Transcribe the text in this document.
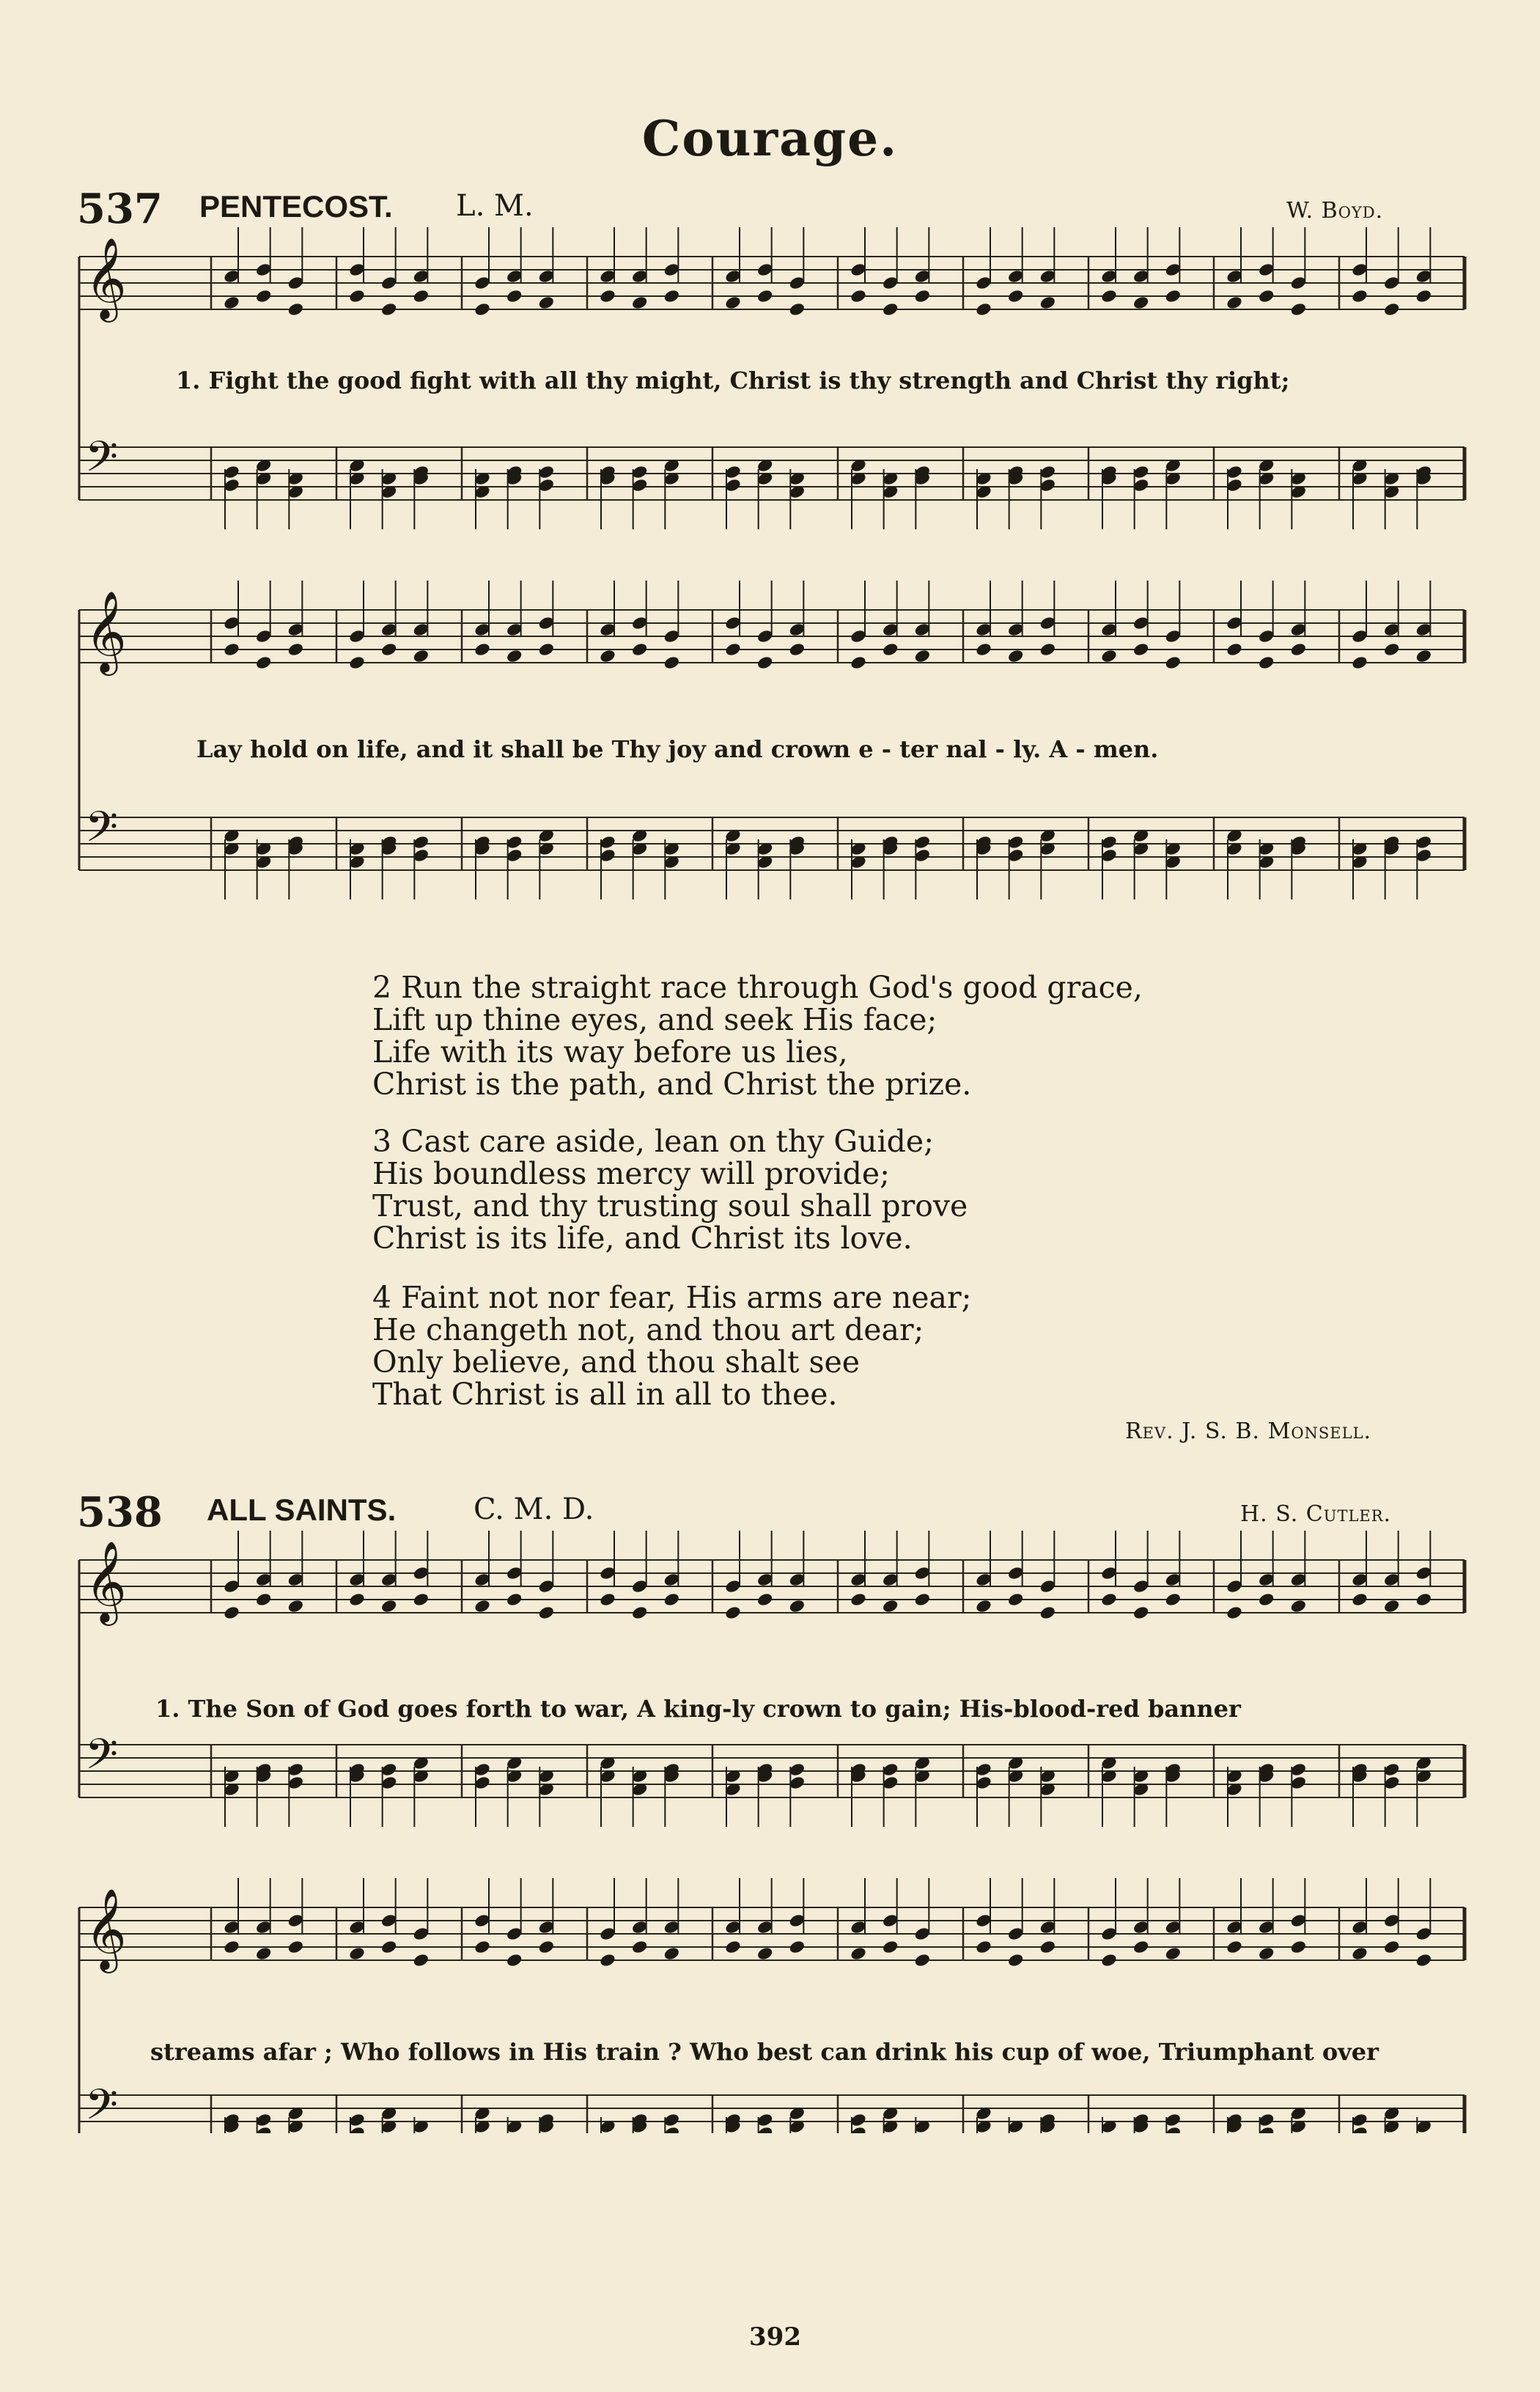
Courage.
537 PENTECOST. L. M.	W. Boyd.
𝄞
𝄢
𝄞
𝄢
𝄞
𝄢
𝄞
𝄢
1. Fight the good fight with all thy might, Christ is thy strength and Christ thy right;
Lay hold on life, and it shall be Thy joy and crown e - ter nal - ly. A - men.
2 Run the straight race through God's good grace,
Lift up thine eyes, and seek His face;
Life with its way before us lies,
Christ is the path, and Christ the prize.
3 Cast care aside, lean on thy Guide;
His boundless mercy will provide;
Trust, and thy trusting soul shall prove
Christ is its life, and Christ its love.
4 Faint not nor fear, His arms are near;
He changeth not, and thou art dear;
Only believe, and thou shalt see
That Christ is all in all to thee.
Rev. J. S. B. Monsell.
538 ALL SAINTS.	C. M. D.	H. S. Cutler.
1. The Son of God goes forth to war, A king-ly crown to gain; His-blood-red banner
streams afar ; Who follows in His train ? Who best can drink his cup of woe, Triumphant over
392
